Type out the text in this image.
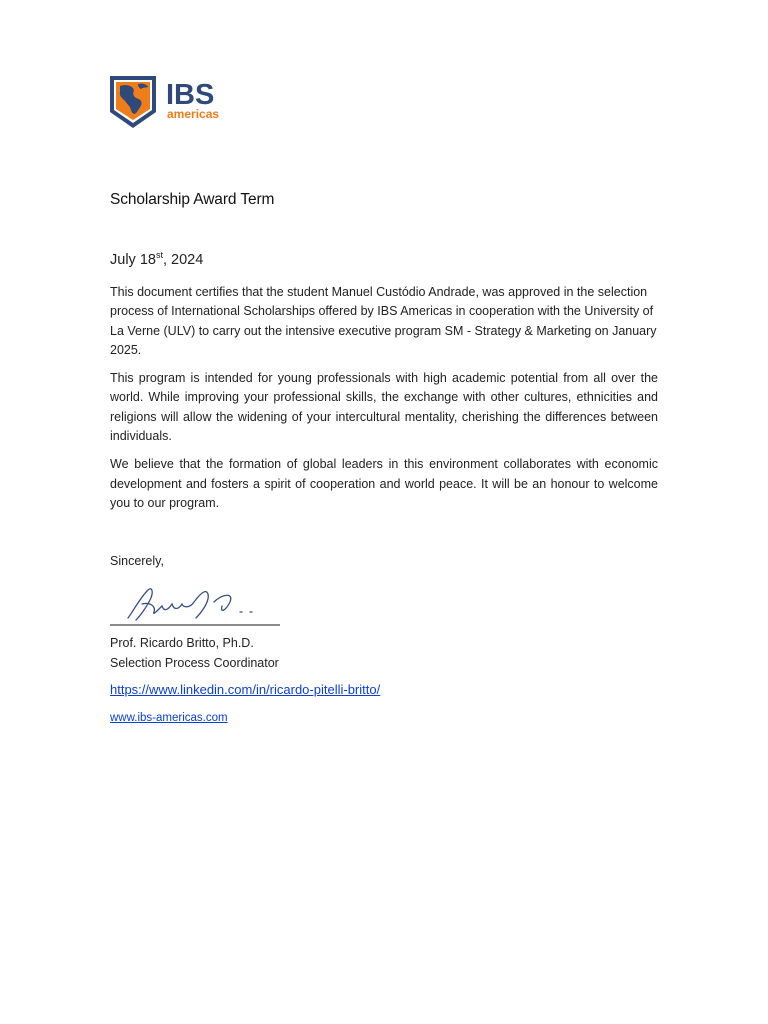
IBS
americas
Scholarship Award Term
July 18st, 2024

This document certifies that the student Manuel Custódio Andrade, was approved in the selection process of International Scholarships offered by IBS Americas in cooperation with the University of La Verne (ULV) to carry out the intensive executive program SM - Strategy & Marketing on January 2025.

This program is intended for young professionals with high academic potential from all over the world. While improving your professional skills, the exchange with other cultures, ethnicities and religions will allow the widening of your intercultural mentality, cherishing the differences between individuals.

We believe that the formation of global leaders in this environment collaborates with economic development and fosters a spirit of cooperation and world peace. It will be an honour to welcome you to our program.

Sincerely,
Prof. Ricardo Britto, Ph.D.
Selection Process Coordinator
https://www.linkedin.com/in/ricardo-pitelli-britto/
www.ibs-americas.com
